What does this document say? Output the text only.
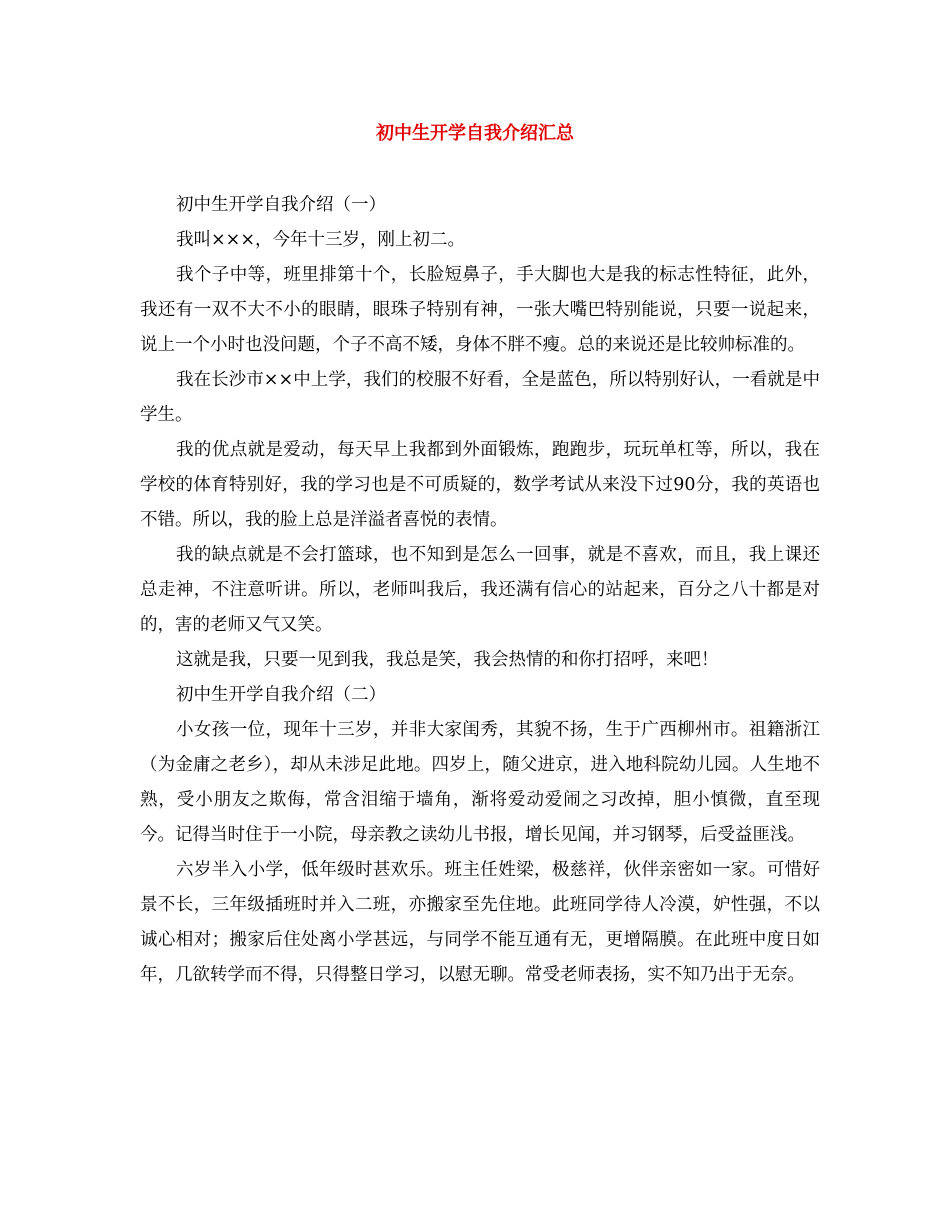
初中生开学自我介绍汇总

初中生开学自我介绍（一）

我叫×××，今年十三岁，刚上初二。

我个子中等，班里排第十个，长脸短鼻子，手大脚也大是我的标志性特征，此外，我还有一双不大不小的眼睛，眼珠子特别有神，一张大嘴巴特别能说，只要一说起来，说上一个小时也没问题，个子不高不矮，身体不胖不瘦。总的来说还是比较帅标准的。

我在长沙市××中上学，我们的校服不好看，全是蓝色，所以特别好认，一看就是中学生。

我的优点就是爱动，每天早上我都到外面锻炼，跑跑步，玩玩单杠等，所以，我在学校的体育特别好，我的学习也是不可质疑的，数学考试从来没下过90分，我的英语也不错。所以，我的脸上总是洋溢者喜悦的表情。

我的缺点就是不会打篮球，也不知到是怎么一回事，就是不喜欢，而且，我上课还总走神，不注意听讲。所以，老师叫我后，我还满有信心的站起来，百分之八十都是对的，害的老师又气又笑。

这就是我，只要一见到我，我总是笑，我会热情的和你打招呼，来吧！

初中生开学自我介绍（二）

小女孩一位，现年十三岁，并非大家闺秀，其貌不扬，生于广西柳州市。祖籍浙江（为金庸之老乡），却从未涉足此地。四岁上，随父进京，进入地科院幼儿园。人生地不熟，受小朋友之欺侮，常含泪缩于墙角，渐将爱动爱闹之习改掉，胆小慎微，直至现今。记得当时住于一小院，母亲教之读幼儿书报，增长见闻，并习钢琴，后受益匪浅。

六岁半入小学，低年级时甚欢乐。班主任姓梁，极慈祥，伙伴亲密如一家。可惜好景不长，三年级插班时并入二班，亦搬家至先住地。此班同学待人冷漠，妒性强，不以诚心相对；搬家后住处离小学甚远，与同学不能互通有无，更增隔膜。在此班中度日如年，几欲转学而不得，只得整日学习，以慰无聊。常受老师表扬，实不知乃出于无奈。
